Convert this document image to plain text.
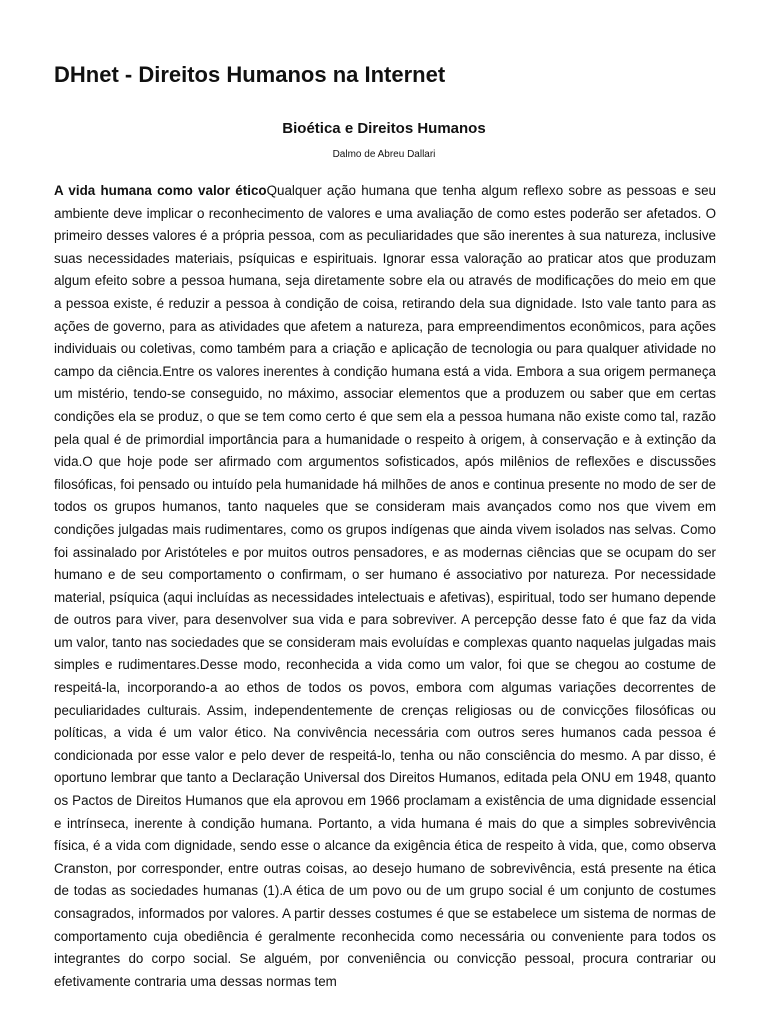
DHnet - Direitos Humanos na Internet
Bioética e Direitos Humanos
Dalmo de Abreu Dallari

A vida humana como valor éticoQualquer ação humana que tenha algum reflexo sobre as pessoas e seu ambiente deve implicar o reconhecimento de valores e uma avaliação de como estes poderão ser afetados. O primeiro desses valores é a própria pessoa, com as peculiaridades que são inerentes à sua natureza, inclusive suas necessidades materiais, psíquicas e espirituais. Ignorar essa valoração ao praticar atos que produzam algum efeito sobre a pessoa humana, seja diretamente sobre ela ou através de modificações do meio em que a pessoa existe, é reduzir a pessoa à condição de coisa, retirando dela sua dignidade. Isto vale tanto para as ações de governo, para as atividades que afetem a natureza, para empreendimentos econômicos, para ações individuais ou coletivas, como também para a criação e aplicação de tecnologia ou para qualquer atividade no campo da ciência.Entre os valores inerentes à condição humana está a vida. Embora a sua origem permaneça um mistério, tendo-se conseguido, no máximo, associar elementos que a produzem ou saber que em certas condições ela se produz, o que se tem como certo é que sem ela a pessoa humana não existe como tal, razão pela qual é de primordial importância para a humanidade o respeito à origem, à conservação e à extinção da vida.O que hoje pode ser afirmado com argumentos sofisticados, após milênios de reflexões e discussões filosóficas, foi pensado ou intuído pela humanidade há milhões de anos e continua presente no modo de ser de todos os grupos humanos, tanto naqueles que se consideram mais avançados como nos que vivem em condições julgadas mais rudimentares, como os grupos indígenas que ainda vivem isolados nas selvas. Como foi assinalado por Aristóteles e por muitos outros pensadores, e as modernas ciências que se ocupam do ser humano e de seu comportamento o confirmam, o ser humano é associativo por natureza. Por necessidade material, psíquica (aqui incluídas as necessidades intelectuais e afetivas), espiritual, todo ser humano depende de outros para viver, para desenvolver sua vida e para sobreviver. A percepção desse fato é que faz da vida um valor, tanto nas sociedades que se consideram mais evoluídas e complexas quanto naquelas julgadas mais simples e rudimentares.Desse modo, reconhecida a vida como um valor, foi que se chegou ao costume de respeitá-la, incorporando-a ao ethos de todos os povos, embora com algumas variações decorrentes de peculiaridades culturais. Assim, independentemente de crenças religiosas ou de convicções filosóficas ou políticas, a vida é um valor ético. Na convivência necessária com outros seres humanos cada pessoa é condicionada por esse valor e pelo dever de respeitá-lo, tenha ou não consciência do mesmo. A par disso, é oportuno lembrar que tanto a Declaração Universal dos Direitos Humanos, editada pela ONU em 1948, quanto os Pactos de Direitos Humanos que ela aprovou em 1966 proclamam a existência de uma dignidade essencial e intrínseca, inerente à condição humana. Portanto, a vida humana é mais do que a simples sobrevivência física, é a vida com dignidade, sendo esse o alcance da exigência ética de respeito à vida, que, como observa Cranston, por corresponder, entre outras coisas, ao desejo humano de sobrevivência, está presente na ética de todas as sociedades humanas (1).A ética de um povo ou de um grupo social é um conjunto de costumes consagrados, informados por valores. A partir desses costumes é que se estabelece um sistema de normas de comportamento cuja obediência é geralmente reconhecida como necessária ou conveniente para todos os integrantes do corpo social. Se alguém, por conveniência ou convicção pessoal, procura contrariar ou efetivamente contraria uma dessas normas tem
